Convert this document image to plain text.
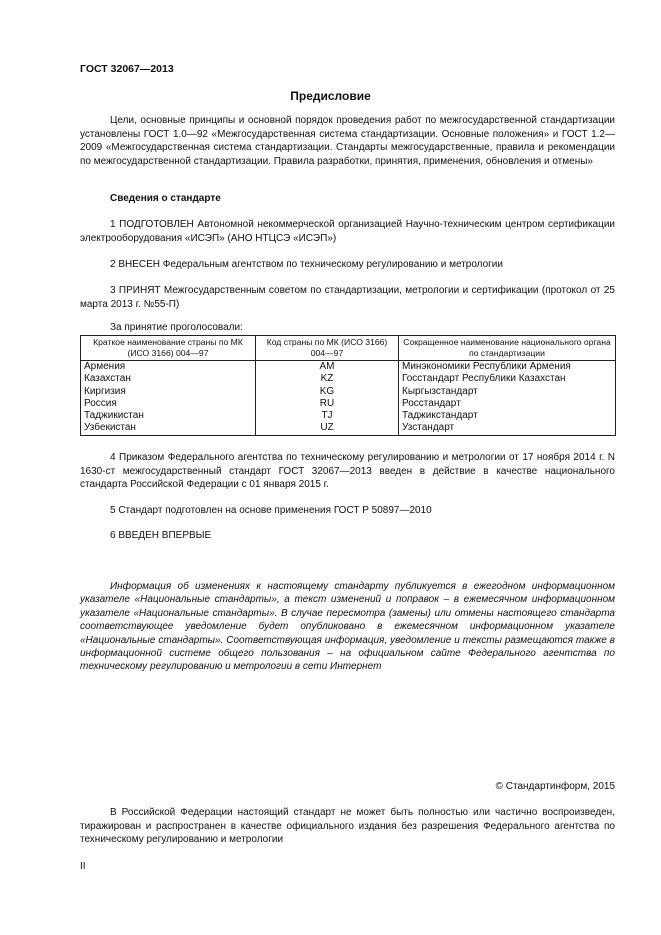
ГОСТ 32067—2013
Предисловие

Цели, основные принципы и основной порядок проведения работ по межгосударственной стандартизации установлены ГОСТ 1.0—92 «Межгосударственная система стандартизации. Основные положения» и ГОСТ 1.2—2009 «Межгосударственная система стандартизации. Стандарты межгосударственные, правила и рекомендации по межгосударственной стандартизации. Правила разработки, принятия, применения, обновления и отмены»

Сведения о стандарте

1 ПОДГОТОВЛЕН Автономной некоммерческой организацией Научно-техническим центром сертификации электрооборудования «ИСЭП» (АНО НТЦСЭ «ИСЭП»)

2 ВНЕСЕН Федеральным агентством по техническому регулированию и метрологии

3 ПРИНЯТ Межгосударственным советом по стандартизации, метрологии и сертификации (протокол от 25 марта 2013 г. №55-П)

За принятие проголосовали:
Краткое наименование страны по МК (ИСО 3166) 004—97	Код страны по МК (ИСО 3166) 004—97	Сокращенное наименование национального органа по стандартизации
Армения	AM	Минэкономики Республики Армения
Казахстан	KZ	Госстандарт Республики Казахстан
Киргизия	KG	Кыргызстандарт
Россия	RU	Росстандарт
Таджикистан	TJ	Таджикстандарт
Узбекистан	UZ	Узстандарт

4 Приказом Федерального агентства по техническому регулированию и метрологии от 17 ноября 2014 г. N 1630-ст межгосударственный стандарт ГОСТ 32067—2013 введен в действие в качестве национального стандарта Российской Федерации с 01 января 2015 г.

5 Стандарт подготовлен на основе применения ГОСТ Р 50897—2010

6 ВВЕДЕН ВПЕРВЫЕ

Информация об изменениях к настоящему стандарту публикуется в ежегодном информационном указателе «Национальные стандарты», а текст изменений и поправок – в ежемесячном информационном указателе «Национальные стандарты». В случае пересмотра (замены) или отмены настоящего стандарта соответствующее уведомление будет опубликовано в ежемесячном информационном указателе «Национальные стандарты». Соответствующая информация, уведомление и тексты размещаются также в информационной системе общего пользования – на официальном сайте Федерального агентства по техническому регулированию и метрологии в сети Интернет

© Стандартинформ, 2015

В Российской Федерации настоящий стандарт не может быть полностью или частично воспроизведен, тиражирован и распространен в качестве официального издания без разрешения Федерального агентства по техническому регулированию и метрологии

II
